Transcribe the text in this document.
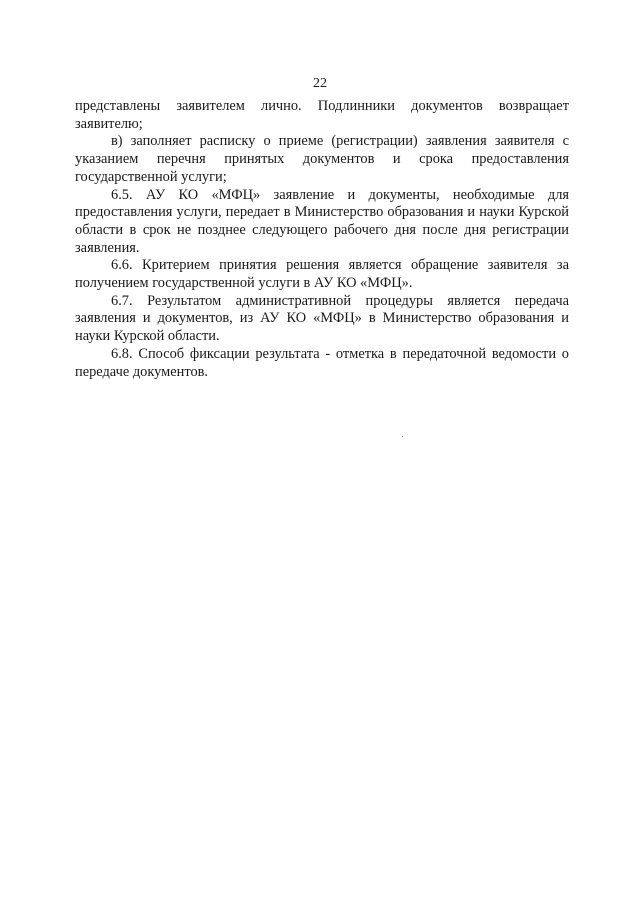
22

представлены заявителем лично. Подлинники документов возвращает заявителю;

в) заполняет расписку о приеме (регистрации) заявления заявителя с указанием перечня принятых документов и срока предоставления государственной услуги;

6.5. АУ КО «МФЦ» заявление и документы, необходимые для предоставления услуги, передает в Министерство образования и науки Курской области в срок не позднее следующего рабочего дня после дня регистрации заявления.

6.6. Критерием принятия решения является обращение заявителя за получением государственной услуги в АУ КО «МФЦ».

6.7. Результатом административной процедуры является передача заявления и документов, из АУ КО «МФЦ» в Министерство образования и науки Курской области.

6.8. Способ фиксации результата - отметка в передаточной ведомости о передаче документов.
